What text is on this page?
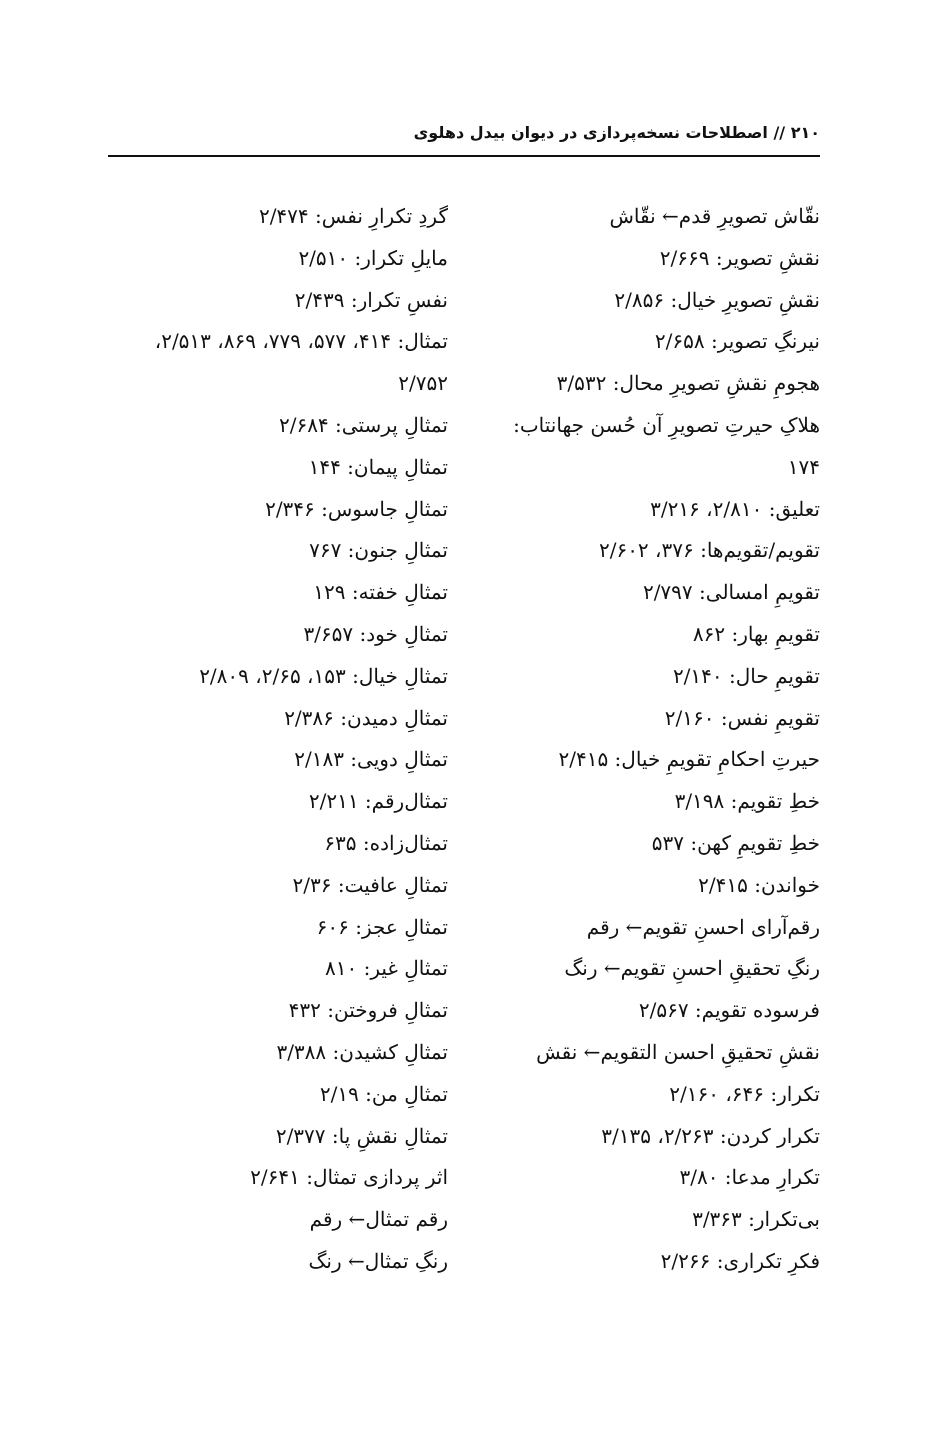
۲۱۰ // اصطلاحات نسخه‌پردازی در دیوان بیدل دهلوی
نقّاش تصویرِ قدم← نقّاش
نقشِ تصویر: ۲/۶۶۹
نقشِ تصویرِ خیال: ۲/۸۵۶
نیرنگِ تصویر: ۲/۶۵۸
هجومِ نقشِ تصویرِ محال: ۳/۵۳۲
هلاکِ حیرتِ تصویرِ آن حُسن جهانتاب:
۱۷۴
تعلیق: ۲/۸۱۰، ۳/۲۱۶
تقویم/تقویم‌ها: ۳۷۶، ۲/۶۰۲
تقویمِ امسالی: ۲/۷۹۷
تقویمِ بهار: ۸۶۲
تقویمِ حال: ۲/۱۴۰
تقویمِ نفس: ۲/۱۶۰
حیرتِ احکامِ تقویمِ خیال: ۲/۴۱۵
خطِ تقویم: ۳/۱۹۸
خطِ تقویمِ کهن: ۵۳۷
خواندن: ۲/۴۱۵
رقم‌آرای احسنِ تقویم← رقم
رنگِ تحقیقِ احسنِ تقویم← رنگ
فرسوده تقویم: ۲/۵۶۷
نقشِ تحقیقِ احسن التقویم← نقش
تکرار: ۶۴۶، ۲/۱۶۰
تکرار کردن: ۲/۲۶۳، ۳/۱۳۵
تکرارِ مدعا: ۳/۸۰
بی‌تکرار: ۳/۳۶۳
فکرِ تکراری: ۲/۲۶۶
گردِ تکرارِ نفس: ۲/۴۷۴
مایلِ تکرار: ۲/۵۱۰
نفسِ تکرار: ۲/۴۳۹
تمثال: ۴۱۴، ۵۷۷، ۷۷۹، ۸۶۹، ۲/۵۱۳،
۲/۷۵۲
تمثالِ پرستی: ۲/۶۸۴
تمثالِ پیمان: ۱۴۴
تمثالِ جاسوس: ۲/۳۴۶
تمثالِ جنون: ۷۶۷
تمثالِ خفته: ۱۲۹
تمثالِ خود: ۳/۶۵۷
تمثالِ خیال: ۱۵۳، ۲/۶۵، ۲/۸۰۹
تمثالِ دمیدن: ۲/۳۸۶
تمثالِ دویی: ۲/۱۸۳
تمثال‌رقم: ۲/۲۱۱
تمثال‌زاده: ۶۳۵
تمثالِ عافیت: ۲/۳۶
تمثالِ عجز: ۶۰۶
تمثالِ غیر: ۸۱۰
تمثالِ فروختن: ۴۳۲
تمثالِ کشیدن: ۳/۳۸۸
تمثالِ من: ۲/۱۹
تمثالِ نقشِ پا: ۲/۳۷۷
اثر پردازی تمثال: ۲/۶۴۱
رقم تمثال← رقم
رنگِ تمثال← رنگ
